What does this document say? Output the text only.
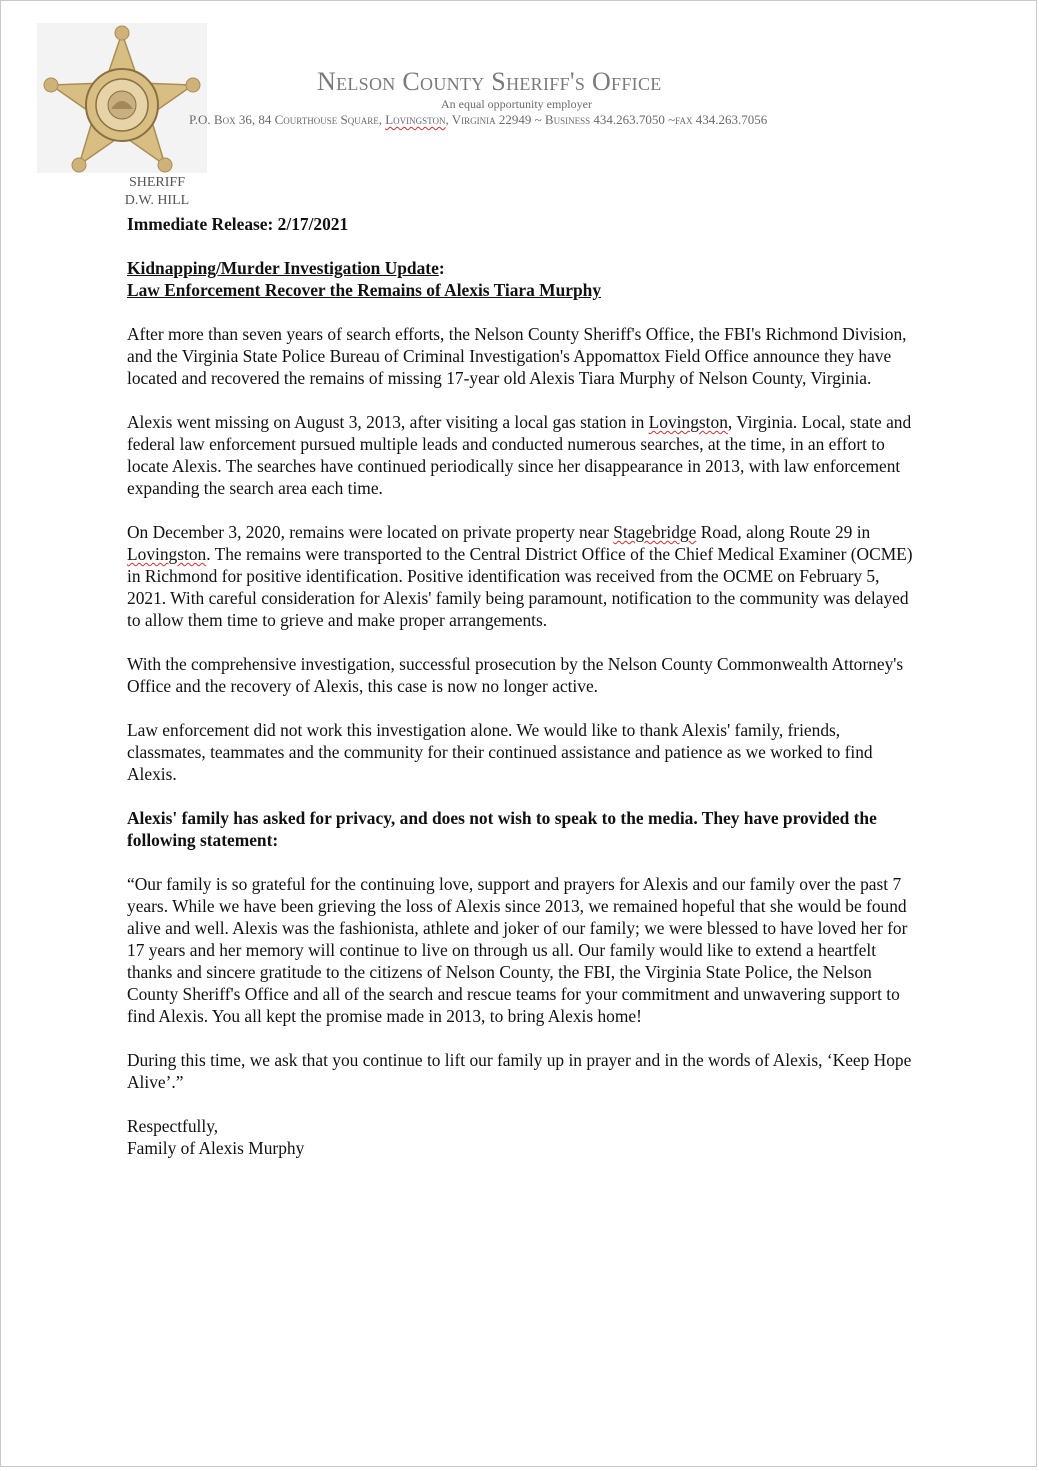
SHERIFF
D.W. HILL
Nelson County Sheriff's Office
An equal opportunity employer
P.O. Box 36, 84 Courthouse Square, Lovingston, Virginia 22949 ~ Business 434.263.7050 ~fax 434.263.7056

Immediate Release: 2/17/2021

Kidnapping/Murder Investigation Update:
Law Enforcement Recover the Remains of Alexis Tiara Murphy

After more than seven years of search efforts, the Nelson County Sheriff's Office, the FBI's Richmond Division, and the Virginia State Police Bureau of Criminal Investigation's Appomattox Field Office announce they have located and recovered the remains of missing 17-year old Alexis Tiara Murphy of Nelson County, Virginia.

Alexis went missing on August 3, 2013, after visiting a local gas station in Lovingston, Virginia. Local, state and federal law enforcement pursued multiple leads and conducted numerous searches, at the time, in an effort to locate Alexis. The searches have continued periodically since her disappearance in 2013, with law enforcement expanding the search area each time.

On December 3, 2020, remains were located on private property near Stagebridge Road, along Route 29 in Lovingston. The remains were transported to the Central District Office of the Chief Medical Examiner (OCME) in Richmond for positive identification. Positive identification was received from the OCME on February 5, 2021. With careful consideration for Alexis' family being paramount, notification to the community was delayed to allow them time to grieve and make proper arrangements.

With the comprehensive investigation, successful prosecution by the Nelson County Commonwealth Attorney's Office and the recovery of Alexis, this case is now no longer active.

Law enforcement did not work this investigation alone. We would like to thank Alexis' family, friends, classmates, teammates and the community for their continued assistance and patience as we worked to find Alexis.

Alexis' family has asked for privacy, and does not wish to speak to the media. They have provided the following statement:

“Our family is so grateful for the continuing love, support and prayers for Alexis and our family over the past 7 years. While we have been grieving the loss of Alexis since 2013, we remained hopeful that she would be found alive and well. Alexis was the fashionista, athlete and joker of our family; we were blessed to have loved her for 17 years and her memory will continue to live on through us all. Our family would like to extend a heartfelt thanks and sincere gratitude to the citizens of Nelson County, the FBI, the Virginia State Police, the Nelson County Sheriff's Office and all of the search and rescue teams for your commitment and unwavering support to find Alexis. You all kept the promise made in 2013, to bring Alexis home!

During this time, we ask that you continue to lift our family up in prayer and in the words of Alexis, ‘Keep Hope Alive’.”

Respectfully,

Family of Alexis Murphy
